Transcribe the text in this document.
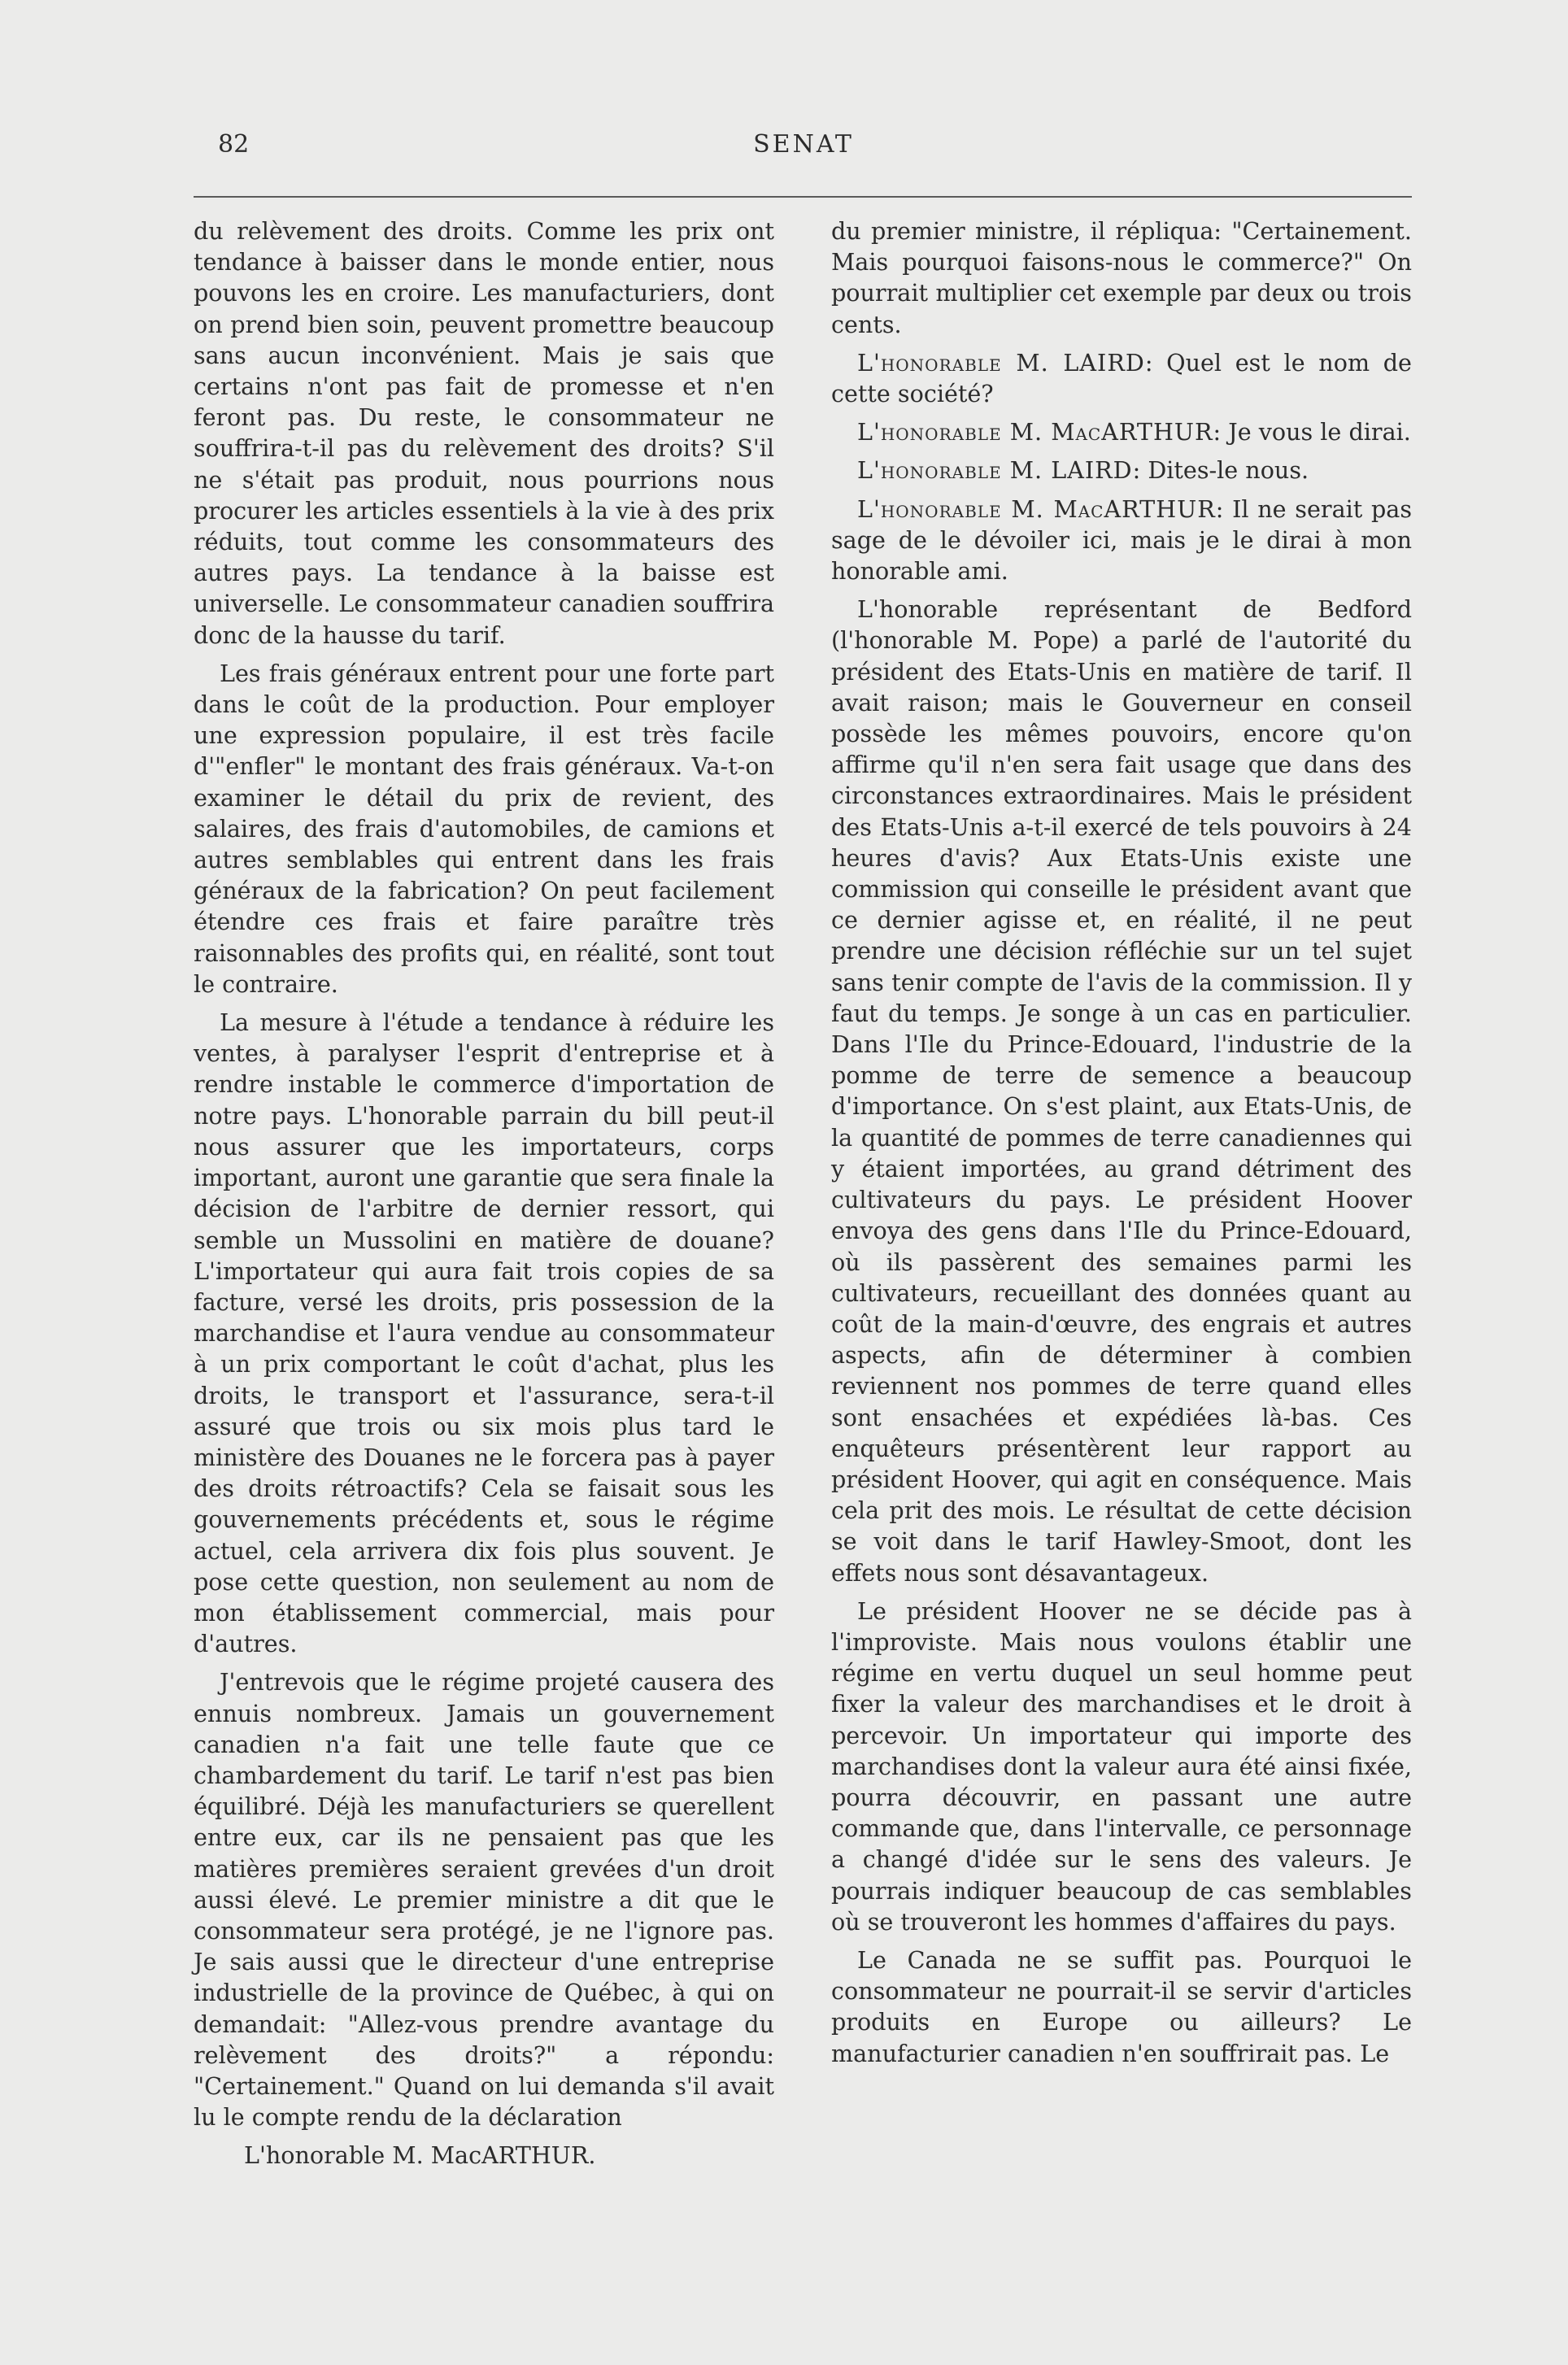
82	SENAT

du relèvement des droits. Comme les prix ont tendance à baisser dans le monde entier, nous pouvons les en croire. Les manufacturiers, dont on prend bien soin, peuvent promettre beaucoup sans aucun inconvénient. Mais je sais que certains n'ont pas fait de promesse et n'en feront pas. Du reste, le consommateur ne souffrira-t-il pas du relèvement des droits? S'il ne s'était pas produit, nous pourrions nous procurer les articles essentiels à la vie à des prix réduits, tout comme les consommateurs des autres pays. La tendance à la baisse est universelle. Le consommateur canadien souffrira donc de la hausse du tarif.

Les frais généraux entrent pour une forte part dans le coût de la production. Pour employer une expression populaire, il est très facile d'"enfler" le montant des frais généraux. Va-t-on examiner le détail du prix de revient, des salaires, des frais d'automobiles, de camions et autres semblables qui entrent dans les frais généraux de la fabrication? On peut facilement étendre ces frais et faire paraître très raisonnables des profits qui, en réalité, sont tout le contraire.

La mesure à l'étude a tendance à réduire les ventes, à paralyser l'esprit d'entreprise et à rendre instable le commerce d'importation de notre pays. L'honorable parrain du bill peut-il nous assurer que les importateurs, corps important, auront une garantie que sera finale la décision de l'arbitre de dernier ressort, qui semble un Mussolini en matière de douane? L'importateur qui aura fait trois copies de sa facture, versé les droits, pris possession de la marchandise et l'aura vendue au consommateur à un prix comportant le coût d'achat, plus les droits, le transport et l'assurance, sera-t-il assuré que trois ou six mois plus tard le ministère des Douanes ne le forcera pas à payer des droits rétroactifs? Cela se faisait sous les gouvernements précédents et, sous le régime actuel, cela arrivera dix fois plus souvent. Je pose cette question, non seulement au nom de mon établissement commercial, mais pour d'autres.

J'entrevois que le régime projeté causera des ennuis nombreux. Jamais un gouvernement canadien n'a fait une telle faute que ce chambardement du tarif. Le tarif n'est pas bien équilibré. Déjà les manufacturiers se querellent entre eux, car ils ne pensaient pas que les matières premières seraient grevées d'un droit aussi élevé. Le premier ministre a dit que le consommateur sera protégé, je ne l'ignore pas. Je sais aussi que le directeur d'une entreprise industrielle de la province de Québec, à qui on demandait: "Allez-vous prendre avantage du relèvement des droits?" a répondu: "Certainement." Quand on lui demanda s'il avait lu le compte rendu de la déclaration

L'honorable M. MacARTHUR.

du premier ministre, il répliqua: "Certainement. Mais pourquoi faisons-nous le commerce?" On pourrait multiplier cet exemple par deux ou trois cents.

L'honorable M. LAIRD: Quel est le nom de cette société?

L'honorable M. MacARTHUR: Je vous le dirai.

L'honorable M. LAIRD: Dites-le nous.

L'honorable M. MacARTHUR: Il ne serait pas sage de le dévoiler ici, mais je le dirai à mon honorable ami.

L'honorable représentant de Bedford (l'honorable M. Pope) a parlé de l'autorité du président des Etats-Unis en matière de tarif. Il avait raison; mais le Gouverneur en conseil possède les mêmes pouvoirs, encore qu'on affirme qu'il n'en sera fait usage que dans des circonstances extraordinaires. Mais le président des Etats-Unis a-t-il exercé de tels pouvoirs à 24 heures d'avis? Aux Etats-Unis existe une commission qui conseille le président avant que ce dernier agisse et, en réalité, il ne peut prendre une décision réfléchie sur un tel sujet sans tenir compte de l'avis de la commission. Il y faut du temps. Je songe à un cas en particulier. Dans l'Ile du Prince-Edouard, l'industrie de la pomme de terre de semence a beaucoup d'importance. On s'est plaint, aux Etats-Unis, de la quantité de pommes de terre canadiennes qui y étaient importées, au grand détriment des cultivateurs du pays. Le président Hoover envoya des gens dans l'Ile du Prince-Edouard, où ils passèrent des semaines parmi les cultivateurs, recueillant des données quant au coût de la main-d'œuvre, des engrais et autres aspects, afin de déterminer à combien reviennent nos pommes de terre quand elles sont ensachées et expédiées là-bas. Ces enquêteurs présentèrent leur rapport au président Hoover, qui agit en conséquence. Mais cela prit des mois. Le résultat de cette décision se voit dans le tarif Hawley-Smoot, dont les effets nous sont désavantageux.

Le président Hoover ne se décide pas à l'improviste. Mais nous voulons établir une régime en vertu duquel un seul homme peut fixer la valeur des marchandises et le droit à percevoir. Un importateur qui importe des marchandises dont la valeur aura été ainsi fixée, pourra découvrir, en passant une autre commande que, dans l'intervalle, ce personnage a changé d'idée sur le sens des valeurs. Je pourrais indiquer beaucoup de cas semblables où se trouveront les hommes d'affaires du pays.

Le Canada ne se suffit pas. Pourquoi le consommateur ne pourrait-il se servir d'articles produits en Europe ou ailleurs? Le manufacturier canadien n'en souffrirait pas. Le
